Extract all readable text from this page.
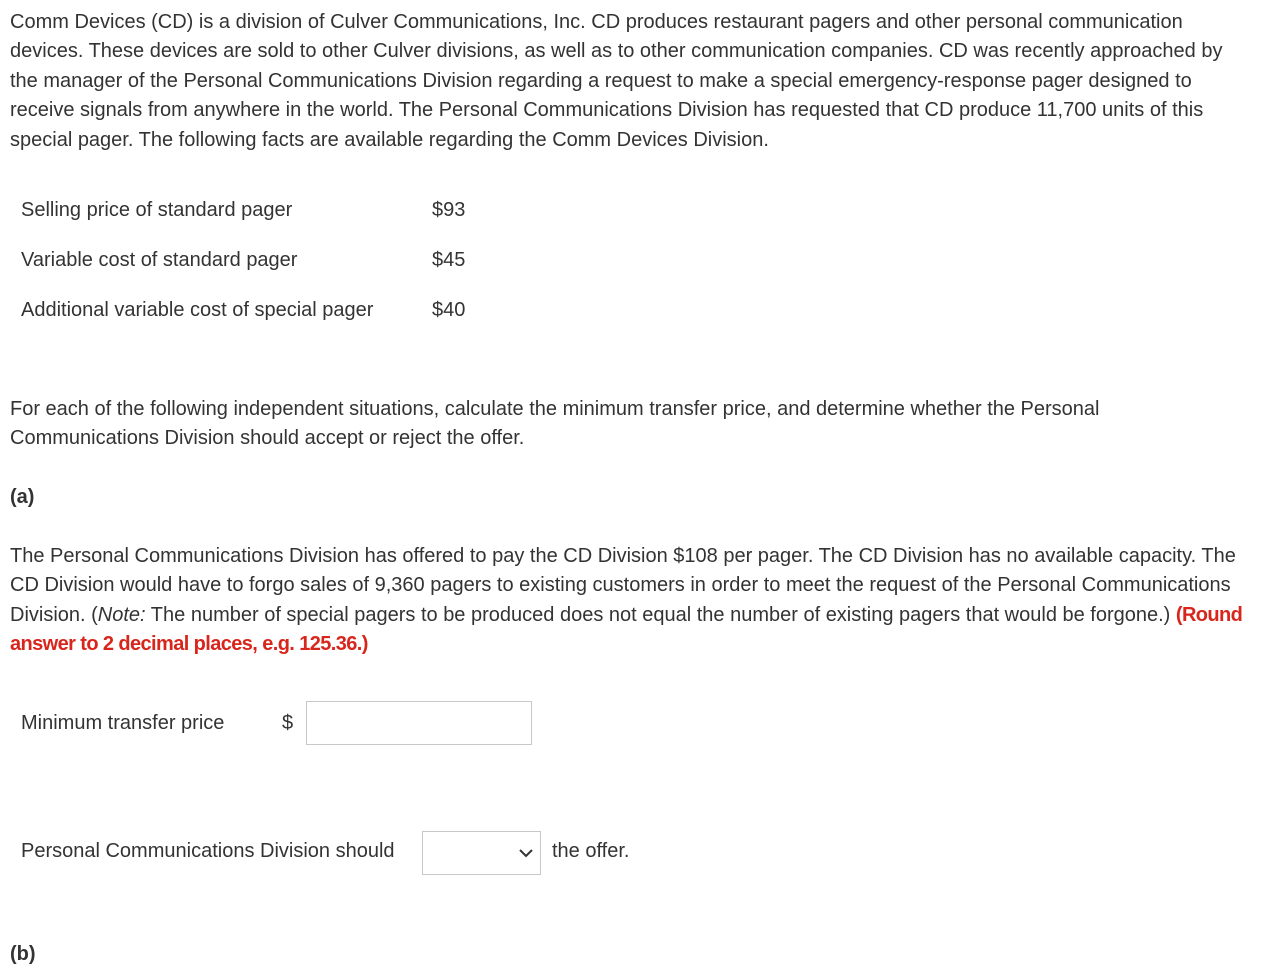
Comm Devices (CD) is a division of Culver Communications, Inc. CD produces restaurant pagers and other personal communication devices. These devices are sold to other Culver divisions, as well as to other communication companies. CD was recently approached by the manager of the Personal Communications Division regarding a request to make a special emergency-response pager designed to receive signals from anywhere in the world. The Personal Communications Division has requested that CD produce 11,700 units of this special pager. The following facts are available regarding the Comm Devices Division.

Selling price of standard pager	$93
Variable cost of standard pager	$45
Additional variable cost of special pager	$40

For each of the following independent situations, calculate the minimum transfer price, and determine whether the Personal Communications Division should accept or reject the offer.

(a)

The Personal Communications Division has offered to pay the CD Division $108 per pager. The CD Division has no available capacity. The CD Division would have to forgo sales of 9,360 pagers to existing customers in order to meet the request of the Personal Communications Division. (Note: The number of special pagers to be produced does not equal the number of existing pagers that would be forgone.) (Round answer to 2 decimal places, e.g. 125.36.)

Minimum transfer price	$
Personal Communications Division should	the offer.
(b)
